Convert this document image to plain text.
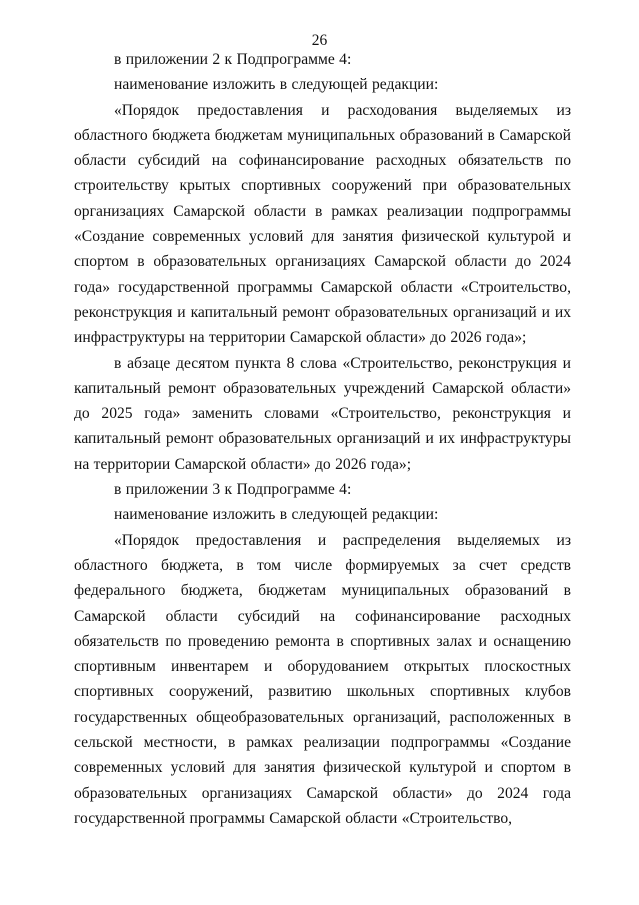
26

в приложении 2 к Подпрограмме 4:

наименование изложить в следующей редакции:

«Порядок предоставления и расходования выделяемых из областного бюджета бюджетам муниципальных образований в Самарской области субсидий на софинансирование расходных обязательств по строительству крытых спортивных сооружений при образовательных организациях Самарской области в рамках реализации подпрограммы «Создание современных условий для занятия физической культурой и спортом в образовательных организациях Самарской области до 2024 года» государственной программы Самарской области «Строительство, реконструкция и капитальный ремонт образовательных организаций и их инфраструктуры на территории Самарской области» до 2026 года»;

в абзаце десятом пункта 8 слова «Строительство, реконструкция и капитальный ремонт образовательных учреждений Самарской области» до 2025 года» заменить словами «Строительство, реконструкция и капитальный ремонт образовательных организаций и их инфраструктуры на территории Самарской области» до 2026 года»;

в приложении 3 к Подпрограмме 4:

наименование изложить в следующей редакции:

«Порядок предоставления и распределения выделяемых из областного бюджета, в том числе формируемых за счет средств федерального бюджета, бюджетам муниципальных образований в Самарской области субсидий на софинансирование расходных обязательств по проведению ремонта в спортивных залах и оснащению спортивным инвентарем и оборудованием открытых плоскостных спортивных сооружений, развитию школьных спортивных клубов государственных общеобразовательных организаций, расположенных в сельской местности, в рамках реализации подпрограммы «Создание современных условий для занятия физической культурой и спортом в образовательных организациях Самарской области» до 2024 года государственной программы Самарской области «Строительство,
